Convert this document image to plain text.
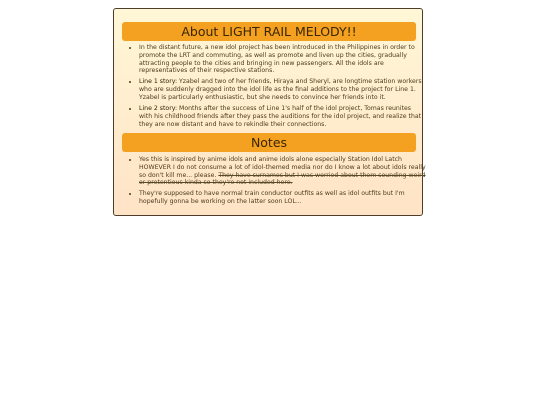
About LIGHT RAIL MELODY!!
• In the distant future, a new idol project has been introduced in the Philippines in order to promote the LRT and commuting, as well as promote and liven up the cities, gradually attracting people to the cities and bringing in new passengers. All the idols are representatives of their respective stations.
• Line 1 story: Yzabel and two of her friends, Hiraya and Sheryl, are longtime station workers who are suddenly dragged into the idol life as the final additions to the project for Line 1. Yzabel is particularly enthusiastic, but she needs to convince her friends into it.
• Line 2 story: Months after the success of Line 1's half of the idol project, Tomas reunites with his childhood friends after they pass the auditions for the idol project, and realize that they are now distant and have to rekindle their connections.
Notes
• Yes this is inspired by anime idols and anime idols alone especially Station Idol Latch HOWEVER I do not consume a lot of idol-themed media nor do I know a lot about idols really so don't kill me... please. They have surnames but I was worried about them sounding weird or pretentious kinda so they're not included here.
• They're supposed to have normal train conductor outfits as well as idol outfits but I'm hopefully gonna be working on the latter soon LOL...
